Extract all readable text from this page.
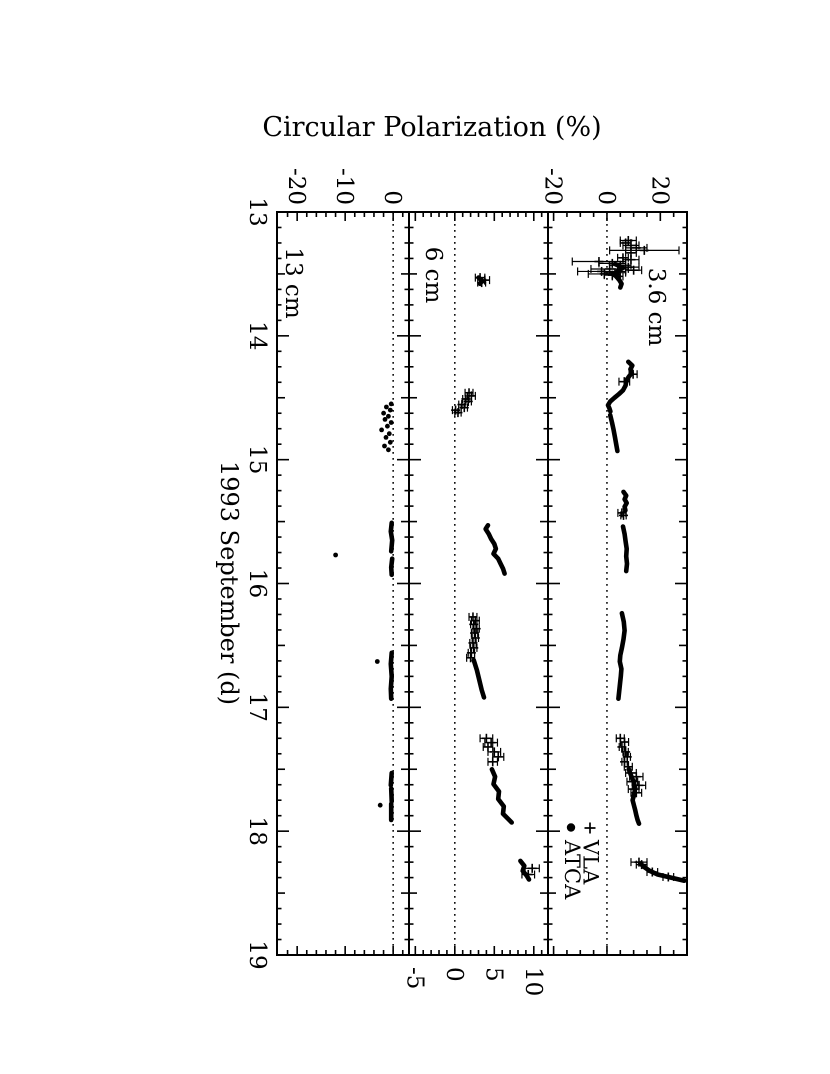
Circular Polarization (%)
1993 September (d)
13 cm	6 cm	3.6 cm
VLA
ATCA
-20 -10 0
-5 0 5 10
-20 0 20
13
14
15
16
17
18
19
